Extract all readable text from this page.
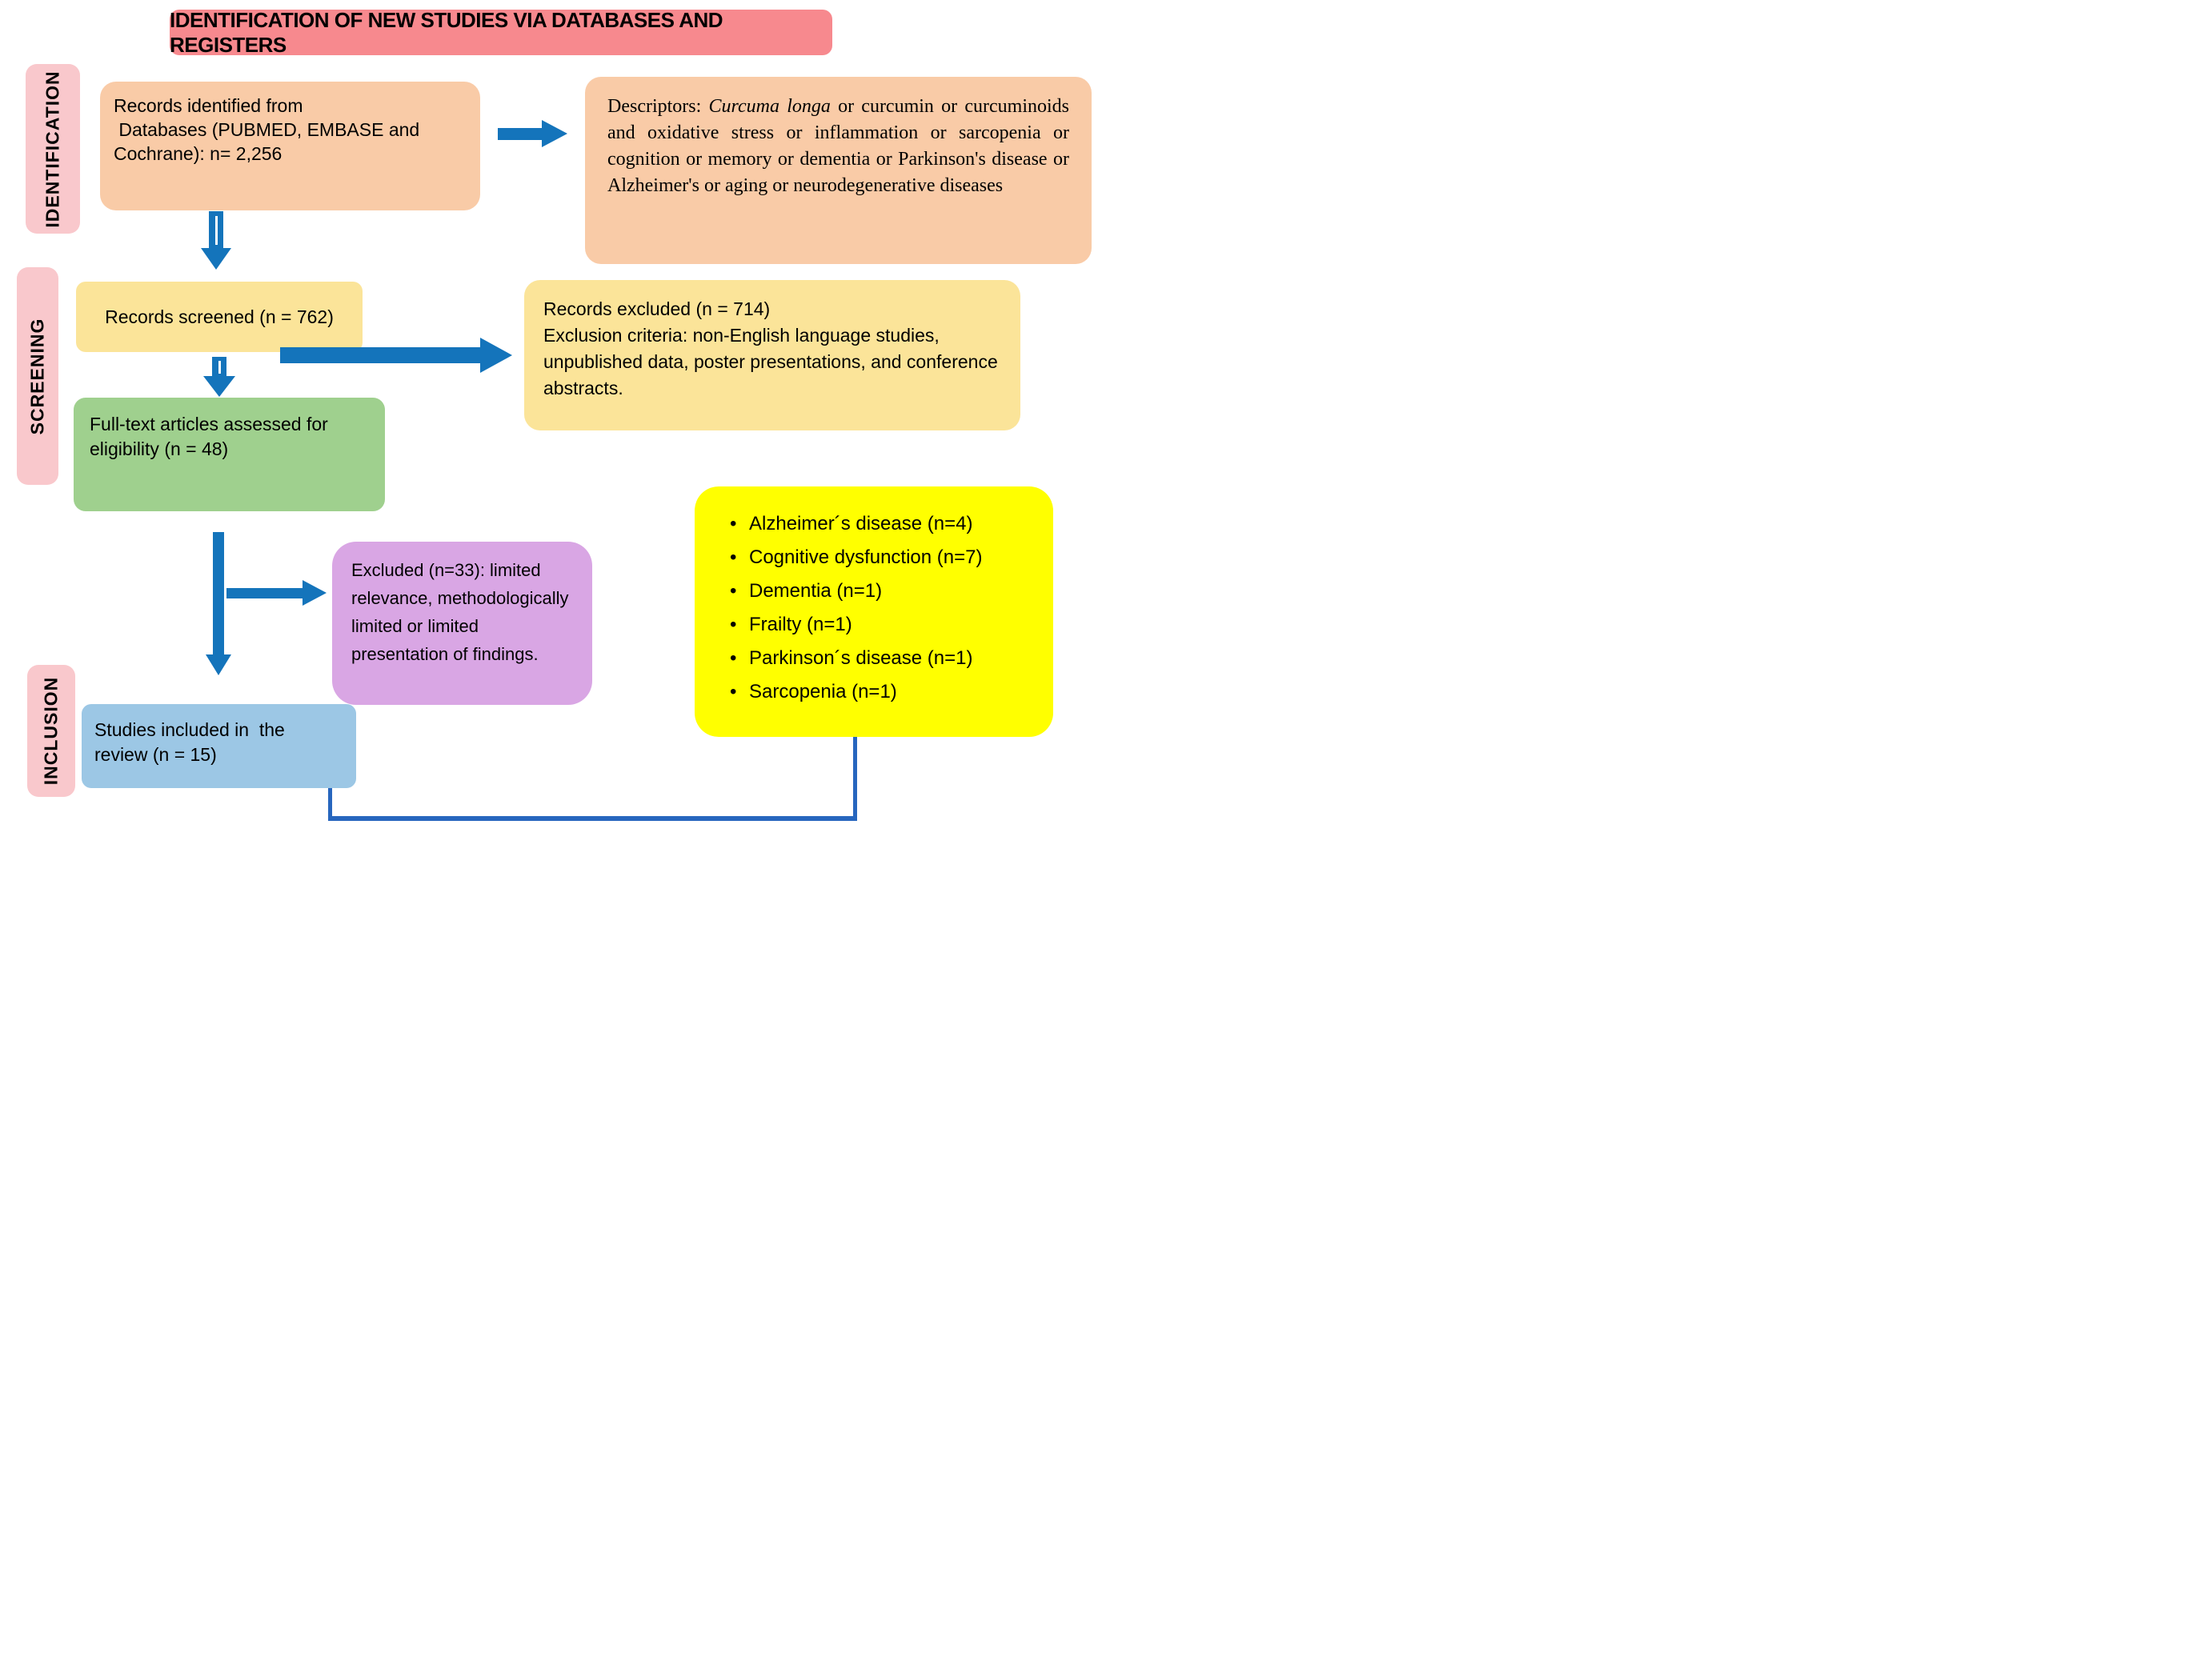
IDENTIFICATION OF NEW STUDIES VIA DATABASES AND REGISTERS
IDENTIFICATION
SCREENING
INCLUSION
Records identified from
Databases (PUBMED, EMBASE and
Cochrane): n= 2,256
Descriptors: Curcuma longa or curcumin or curcuminoids and oxidative stress or inflammation or sarcopenia or cognition or memory or dementia or Parkinson's disease or Alzheimer's or aging or neurodegenerative diseases
Records screened (n = 762)	Records excluded (n = 714)
Exclusion criteria: non-English language studies, unpublished data, poster presentations, and conference abstracts.
Full-text articles assessed for eligibility (n = 48)
Excluded (n=33): limited relevance, methodologically limited or limited presentation of findings.
• Alzheimer´s disease (n=4)
• Cognitive dysfunction (n=7)
• Dementia (n=1)
• Frailty (n=1)
• Parkinson´s disease (n=1)
• Sarcopenia (n=1)
Studies included in  the
review (n = 15)
